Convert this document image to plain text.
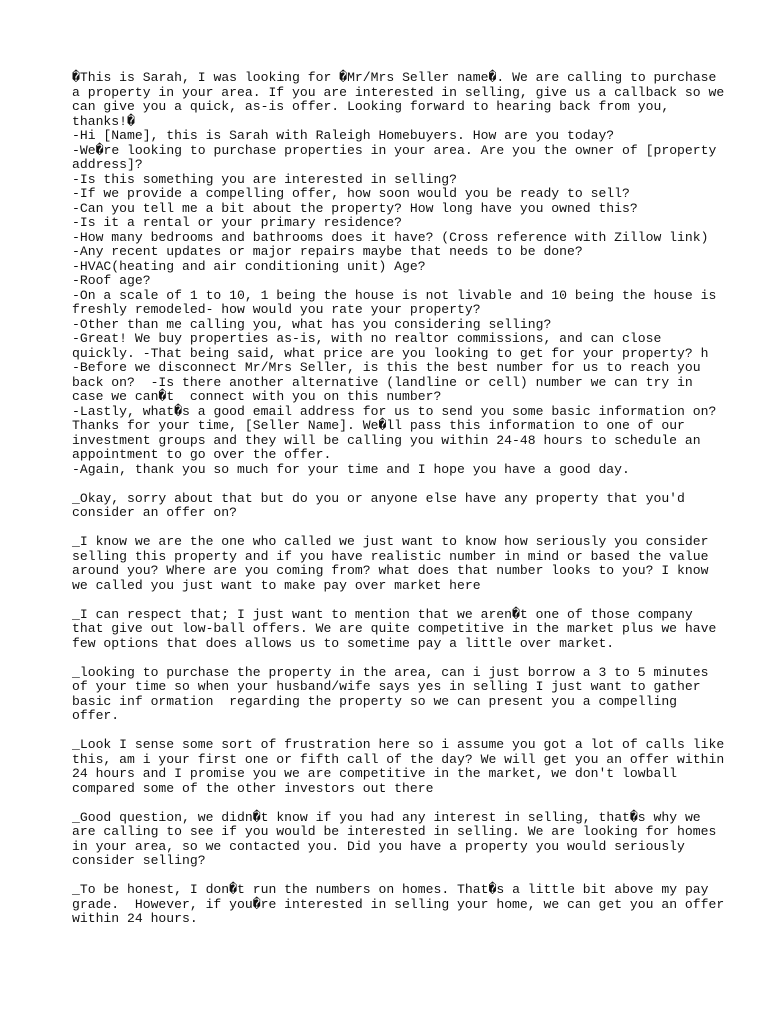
�This is Sarah, I was looking for �Mr/Mrs Seller name�. We are calling to purchase
a property in your area. If you are interested in selling, give us a callback so we
can give you a quick, as-is offer. Looking forward to hearing back from you,
thanks!�
-Hi [Name], this is Sarah with Raleigh Homebuyers. How are you today?
-We�re looking to purchase properties in your area. Are you the owner of [property
address]?
-Is this something you are interested in selling?
-If we provide a compelling offer, how soon would you be ready to sell?
-Can you tell me a bit about the property? How long have you owned this?
-Is it a rental or your primary residence?
-How many bedrooms and bathrooms does it have? (Cross reference with Zillow link)
-Any recent updates or major repairs maybe that needs to be done?
-HVAC(heating and air conditioning unit) Age?
-Roof age?
-On a scale of 1 to 10, 1 being the house is not livable and 10 being the house is
freshly remodeled- how would you rate your property?
-Other than me calling you, what has you considering selling?
-Great! We buy properties as-is, with no realtor commissions, and can close
quickly. -That being said, what price are you looking to get for your property? h
-Before we disconnect Mr/Mrs Seller, is this the best number for us to reach you
back on?  -Is there another alternative (landline or cell) number we can try in
case we can�t  connect with you on this number?
-Lastly, what�s a good email address for us to send you some basic information on?
Thanks for your time, [Seller Name]. We�ll pass this information to one of our
investment groups and they will be calling you within 24-48 hours to schedule an
appointment to go over the offer.
-Again, thank you so much for your time and I hope you have a good day.
_Okay, sorry about that but do you or anyone else have any property that you'd
consider an offer on?
_I know we are the one who called we just want to know how seriously you consider
selling this property and if you have realistic number in mind or based the value
around you? Where are you coming from? what does that number looks to you? I know
we called you just want to make pay over market here
_I can respect that; I just want to mention that we aren�t one of those company
that give out low-ball offers. We are quite competitive in the market plus we have
few options that does allows us to sometime pay a little over market.
_looking to purchase the property in the area, can i just borrow a 3 to 5 minutes
of your time so when your husband/wife says yes in selling I just want to gather
basic inf ormation  regarding the property so we can present you a compelling
offer.
_Look I sense some sort of frustration here so i assume you got a lot of calls like
this, am i your first one or fifth call of the day? We will get you an offer within
24 hours and I promise you we are competitive in the market, we don't lowball
compared some of the other investors out there
_Good question, we didn�t know if you had any interest in selling, that�s why we
are calling to see if you would be interested in selling. We are looking for homes
in your area, so we contacted you. Did you have a property you would seriously
consider selling?
_To be honest, I don�t run the numbers on homes. That�s a little bit above my pay
grade.  However, if you�re interested in selling your home, we can get you an offer
within 24 hours.
